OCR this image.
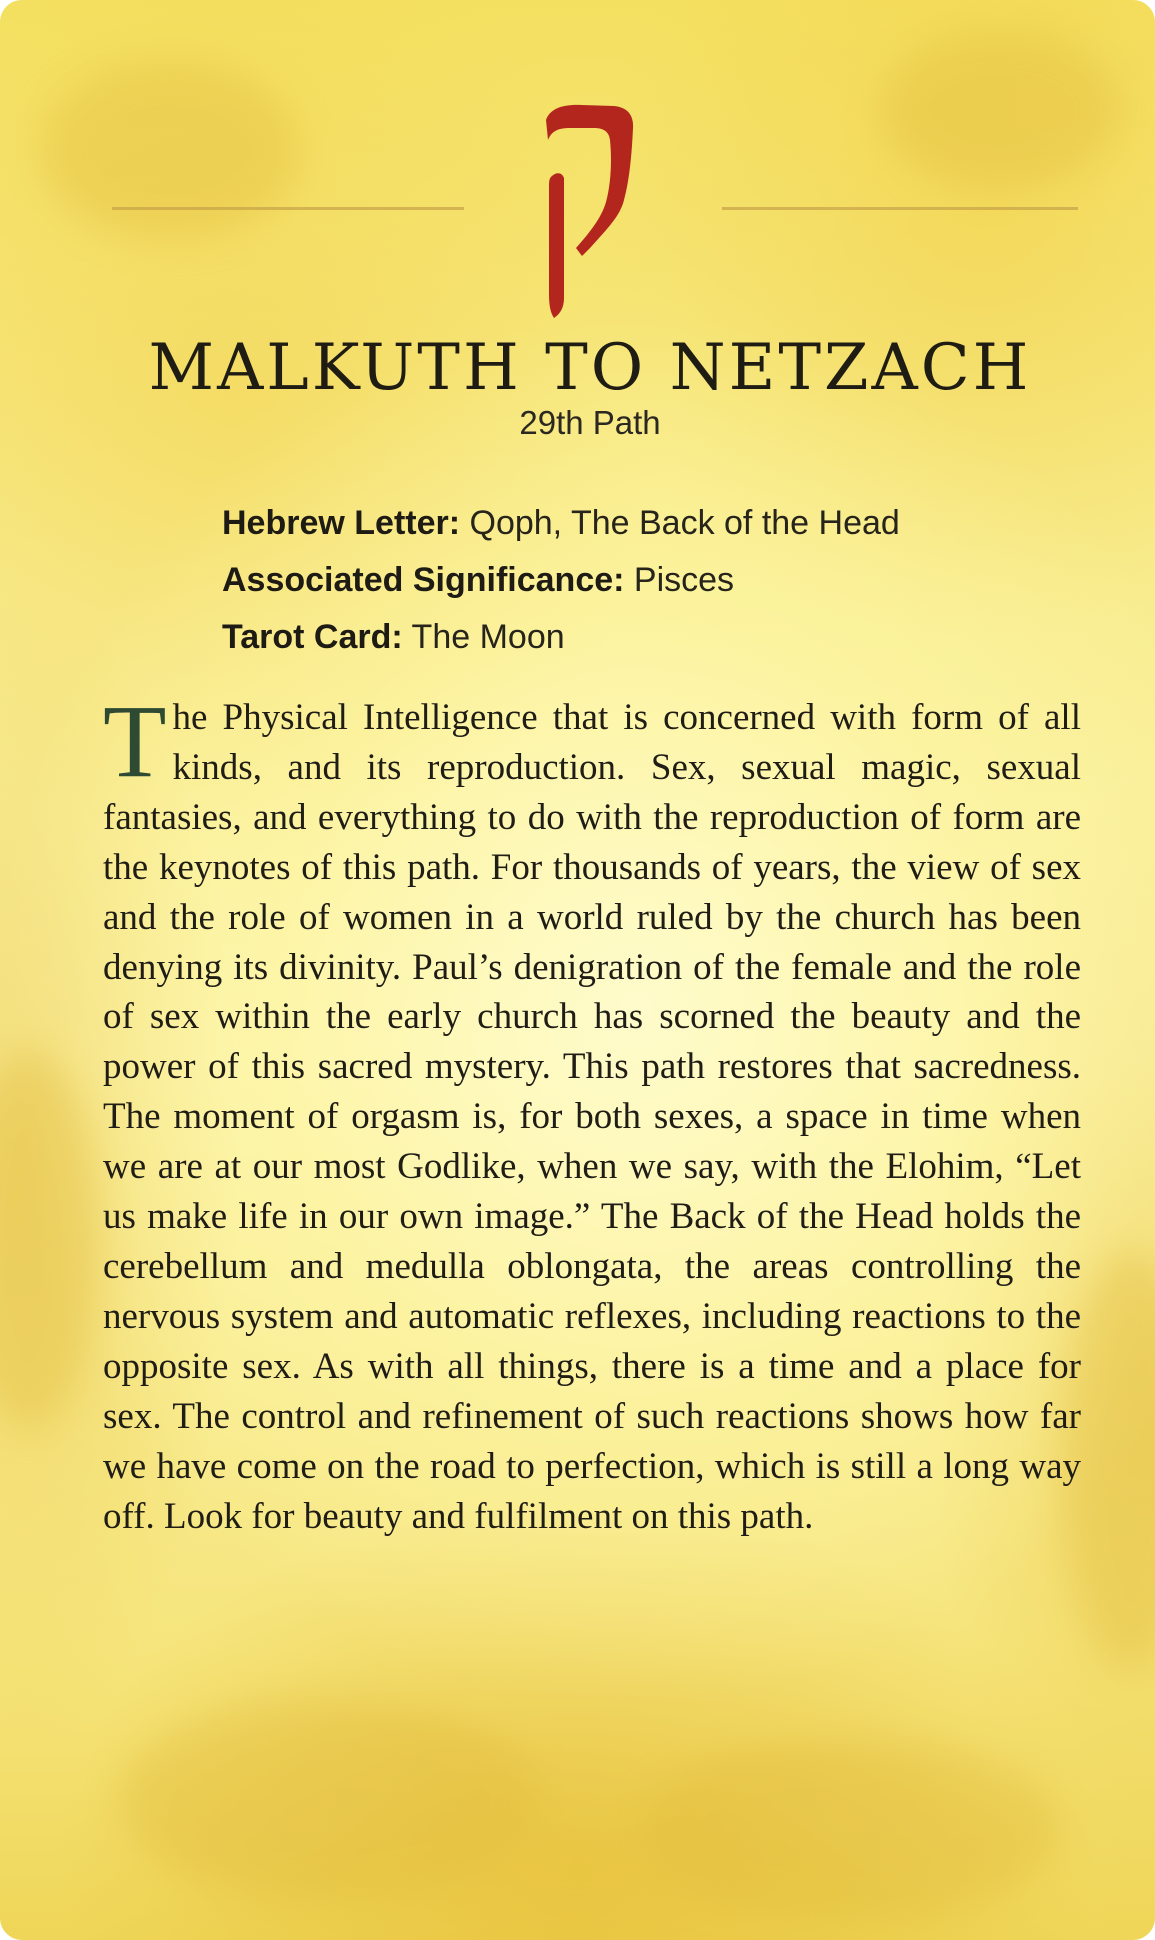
MALKUTH TO NETZACH
29th Path
Hebrew Letter: Qoph, The Back of the Head
Associated Significance: Pisces
Tarot Card: The Moon
The Physical Intelligence that is concerned with form of all kinds, and its reproduction. Sex, sexual magic, sexual fantasies, and everything to do with the reproduction of form are the keynotes of this path. For thousands of years, the view of sex and the role of women in a world ruled by the church has been denying its divinity. Paul’s denigration of the female and the role of sex within the early church has scorned the beauty and the power of this sacred mystery. This path restores that sacredness. The moment of orgasm is, for both sexes, a space in time when we are at our most Godlike, when we say, with the Elohim, “Let us make life in our own image.” The Back of the Head holds the cerebellum and medulla oblongata, the areas controlling the nervous system and automatic reflexes, including reactions to the opposite sex. As with all things, there is a time and a place for sex. The control and refinement of such reactions shows how far we have come on the road to perfection, which is still a long way off. Look for beauty and fulfilment on this path.
